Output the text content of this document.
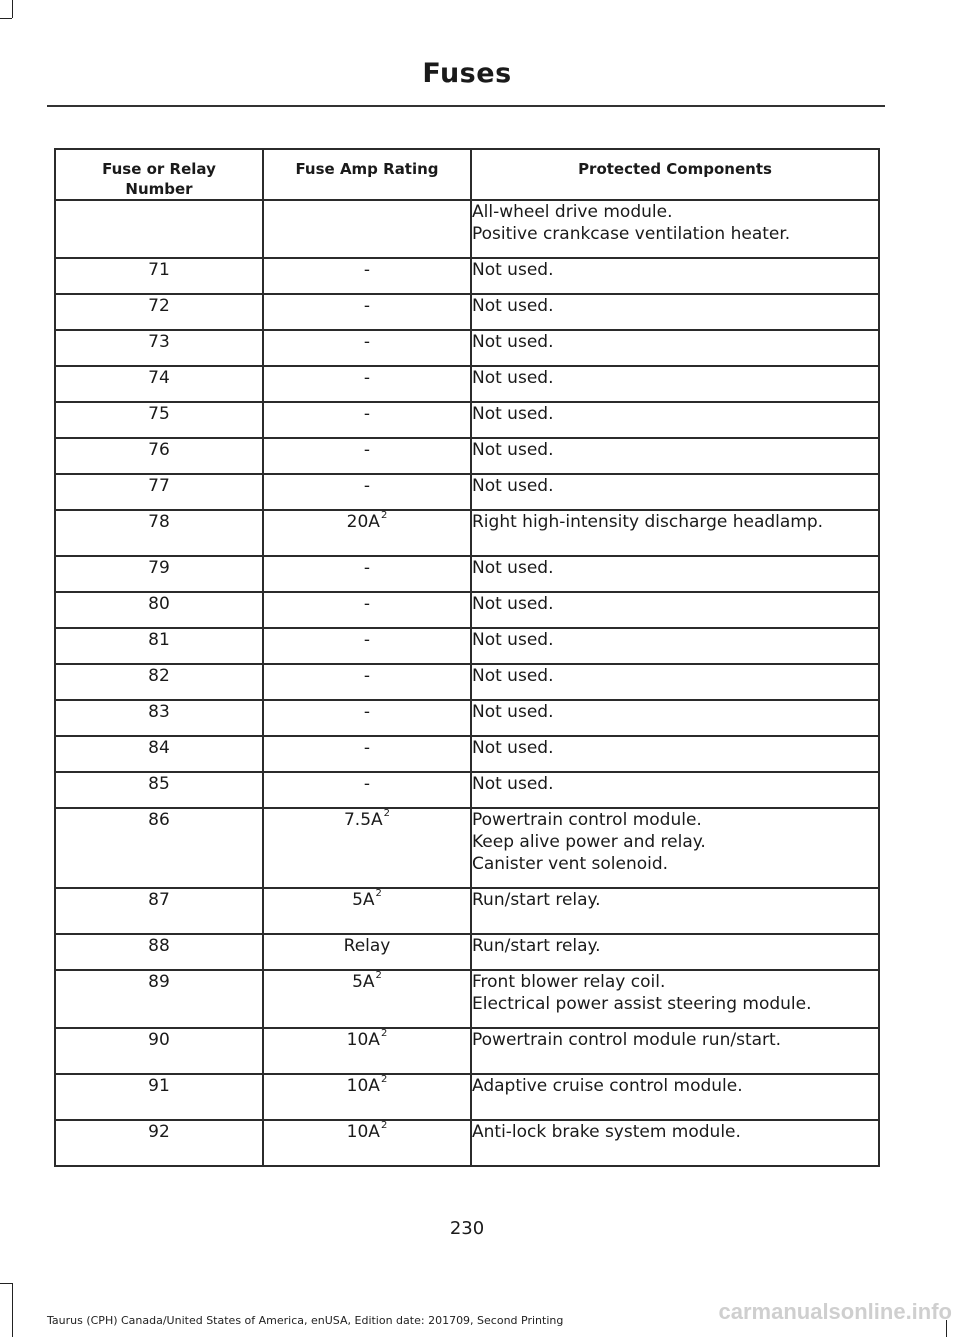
Fuses
Fuse or Relay Number	Fuse Amp Rating	Protected Components

		All-wheel drive module.
Positive crankcase ventilation heater.

71	-	Not used.

72	-	Not used.

73	-	Not used.

74	-	Not used.

75	-	Not used.

76	-	Not used.

77	-	Not used.

78	20A$^2$	Right high-intensity discharge headlamp.

79	-	Not used.

80	-	Not used.

81	-	Not used.

82	-	Not used.

83	-	Not used.

84	-	Not used.

85	-	Not used.

86	7.5A$^2$	Powertrain control module.
Keep alive power and relay.
Canister vent solenoid.

87	5A$^2$	Run/start relay.

88	Relay	Run/start relay.

89	5A$^2$	Front blower relay coil.
Electrical power assist steering module.

90	10A$^2$	Powertrain control module run/start.

91	10A$^2$	Adaptive cruise control module.

92	10A$^2$	Anti-lock brake system module.
230
Taurus (CPH) Canada/United States of America, enUSA, Edition date: 201709, Second Printing	carmanualsonline.info
